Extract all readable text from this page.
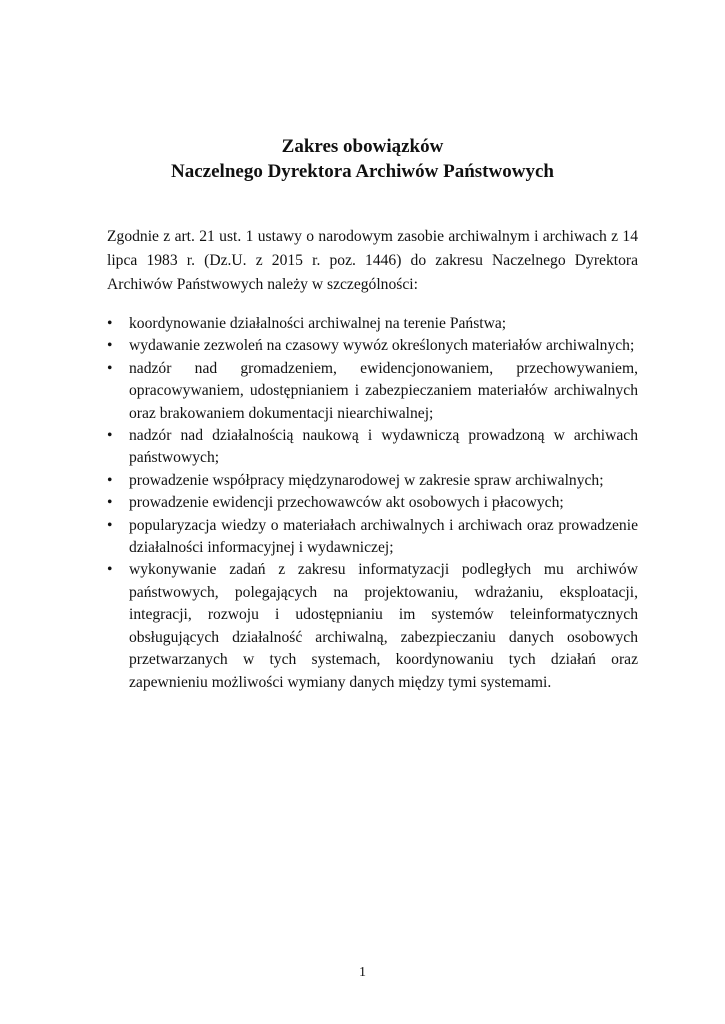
Zakres obowiązków
Naczelnego Dyrektora Archiwów Państwowych

Zgodnie z art. 21 ust. 1 ustawy o narodowym zasobie archiwalnym i archiwach z 14 lipca 1983 r. (Dz.U. z 2015 r. poz. 1446) do zakresu Naczelnego Dyrektora Archiwów Państwowych należy w szczególności:

• koordynowanie działalności archiwalnej na terenie Państwa;
• wydawanie zezwoleń na czasowy wywóz określonych materiałów archiwalnych;
• nadzór nad gromadzeniem, ewidencjonowaniem, przechowywaniem, opracowywaniem, udostępnianiem i zabezpieczaniem materiałów archiwalnych oraz brakowaniem dokumentacji niearchiwalnej;
• nadzór nad działalnością naukową i wydawniczą prowadzoną w archiwach państwowych;
• prowadzenie współpracy międzynarodowej w zakresie spraw archiwalnych;
• prowadzenie ewidencji przechowawców akt osobowych i płacowych;
• popularyzacja wiedzy o materiałach archiwalnych i archiwach oraz prowadzenie działalności informacyjnej i wydawniczej;
• wykonywanie zadań z zakresu informatyzacji podległych mu archiwów państwowych, polegających na projektowaniu, wdrażaniu, eksploatacji, integracji, rozwoju i udostępnianiu im systemów teleinformatycznych obsługujących działalność archiwalną, zabezpieczaniu danych osobowych przetwarzanych w tych systemach, koordynowaniu tych działań oraz zapewnieniu możliwości wymiany danych między tymi systemami.
1
